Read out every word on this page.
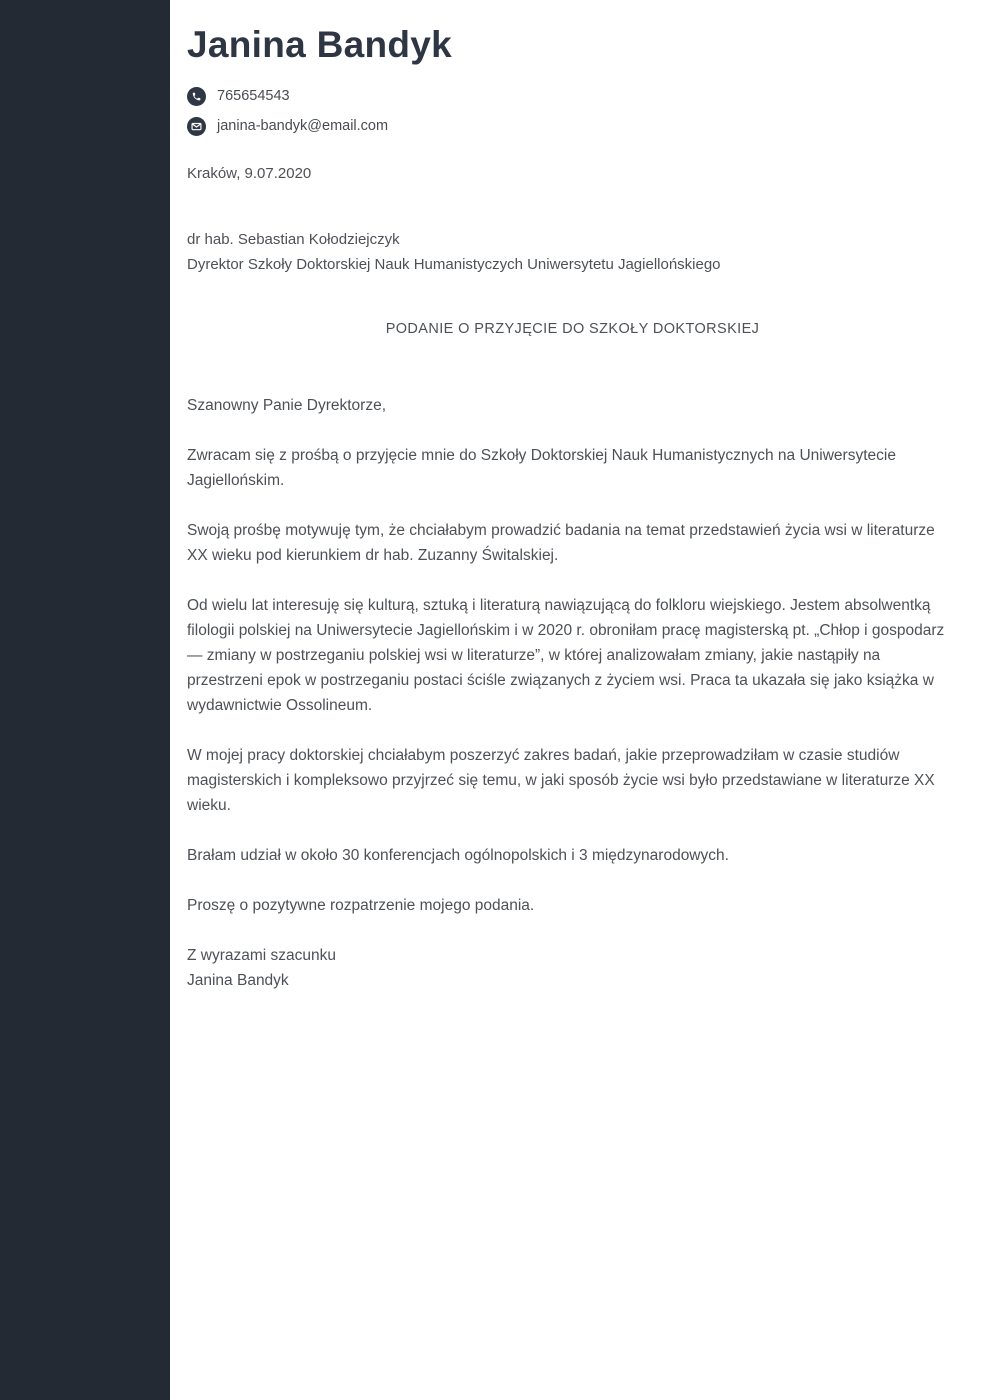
Janina Bandyk
765654543
janina-bandyk@email.com
Kraków, 9.07.2020
dr hab. Sebastian Kołodziejczyk
Dyrektor Szkoły Doktorskiej Nauk Humanistyczych Uniwersytetu Jagiellońskiego
PODANIE O PRZYJĘCIE DO SZKOŁY DOKTORSKIEJ

Szanowny Panie Dyrektorze,

Zwracam się z prośbą o przyjęcie mnie do Szkoły Doktorskiej Nauk Humanistycznych na Uniwersytecie Jagiellońskim.

Swoją prośbę motywuję tym, że chciałabym prowadzić badania na temat przedstawień życia wsi w literaturze XX wieku pod kierunkiem dr hab. Zuzanny Świtalskiej.

Od wielu lat interesuję się kulturą, sztuką i literaturą nawiązującą do folkloru wiejskiego. Jestem absolwentką filologii polskiej na Uniwersytecie Jagiellońskim i w 2020 r. obroniłam pracę magisterską pt. „Chłop i gospodarz — zmiany w postrzeganiu polskiej wsi w literaturze”, w której analizowałam zmiany, jakie nastąpiły na przestrzeni epok w postrzeganiu postaci ściśle związanych z życiem wsi. Praca ta ukazała się jako książka w wydawnictwie Ossolineum.

W mojej pracy doktorskiej chciałabym poszerzyć zakres badań, jakie przeprowadziłam w czasie studiów magisterskich i kompleksowo przyjrzeć się temu, w jaki sposób życie wsi było przedstawiane w literaturze XX wieku.

Brałam udział w około 30 konferencjach ogólnopolskich i 3 międzynarodowych.

Proszę o pozytywne rozpatrzenie mojego podania.

Z wyrazami szacunku
Janina Bandyk
